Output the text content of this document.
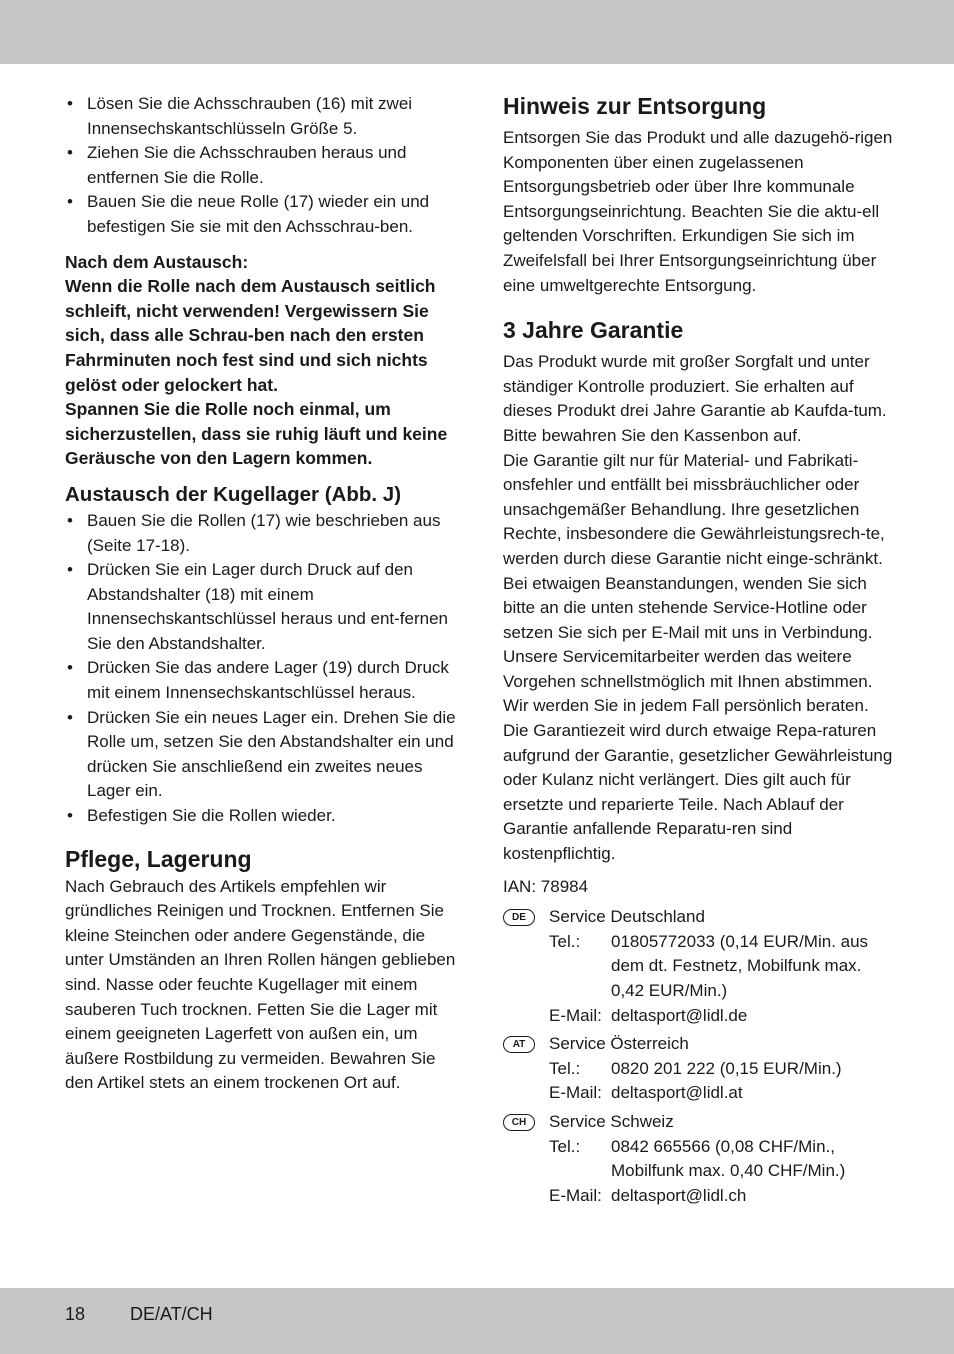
• Lösen Sie die Achsschrauben (16) mit zwei Innensechskantschlüsseln Größe 5.
• Ziehen Sie die Achsschrauben heraus und entfernen Sie die Rolle.
• Bauen Sie die neue Rolle (17) wieder ein und befestigen Sie sie mit den Achsschrau-ben.
Nach dem Austausch:
Wenn die Rolle nach dem Austausch seitlich schleift, nicht verwenden! Vergewissern Sie sich, dass alle Schrau-ben nach den ersten Fahrminuten noch fest sind und sich nichts gelöst oder gelockert hat.
Spannen Sie die Rolle noch einmal, um sicherzustellen, dass sie ruhig läuft und keine Geräusche von den Lagern kommen.
Austausch der Kugellager (Abb. J)
• Bauen Sie die Rollen (17) wie beschrieben aus (Seite 17-18).
• Drücken Sie ein Lager durch Druck auf den Abstandshalter (18) mit einem Innensechskantschlüssel heraus und ent-fernen Sie den Abstandshalter.
• Drücken Sie das andere Lager (19) durch Druck mit einem Innensechskantschlüssel heraus.
• Drücken Sie ein neues Lager ein. Drehen Sie die Rolle um, setzen Sie den Abstandshalter ein und drücken Sie anschließend ein zweites neues Lager ein.
• Befestigen Sie die Rollen wieder.
Pflege, Lagerung

Nach Gebrauch des Artikels empfehlen wir gründliches Reinigen und Trocknen. Entfernen Sie kleine Steinchen oder andere Gegenstände, die unter Umständen an Ihren Rollen hängen geblieben sind. Nasse oder feuchte Kugellager mit einem sauberen Tuch trocknen. Fetten Sie die Lager mit einem geeigneten Lagerfett von außen ein, um äußere Rostbildung zu vermeiden. Bewahren Sie den Artikel stets an einem trockenen Ort auf.

Hinweis zur Entsorgung

Entsorgen Sie das Produkt und alle dazugehö-rigen Komponenten über einen zugelassenen Entsorgungsbetrieb oder über Ihre kommunale Entsorgungseinrichtung. Beachten Sie die aktu-ell geltenden Vorschriften. Erkundigen Sie sich im Zweifelsfall bei Ihrer Entsorgungseinrichtung über eine umweltgerechte Entsorgung.

3 Jahre Garantie

Das Produkt wurde mit großer Sorgfalt und unter ständiger Kontrolle produziert. Sie erhalten auf dieses Produkt drei Jahre Garantie ab Kaufda-tum. Bitte bewahren Sie den Kassenbon auf.

Die Garantie gilt nur für Material- und Fabrikati-onsfehler und entfällt bei missbräuchlicher oder unsachgemäßer Behandlung. Ihre gesetzlichen Rechte, insbesondere die Gewährleistungsrech-te, werden durch diese Garantie nicht einge-schränkt.

Bei etwaigen Beanstandungen, wenden Sie sich bitte an die unten stehende Service-Hotline oder setzen Sie sich per E-Mail mit uns in Verbindung. Unsere Servicemitarbeiter werden das weitere Vorgehen schnellstmöglich mit Ihnen abstimmen. Wir werden Sie in jedem Fall persönlich beraten.

Die Garantiezeit wird durch etwaige Repa-raturen aufgrund der Garantie, gesetzlicher Gewährleistung oder Kulanz nicht verlängert. Dies gilt auch für ersetzte und reparierte Teile. Nach Ablauf der Garantie anfallende Reparatu-ren sind kostenpflichtig.

IAN: 78984

DE	Service Deutschland
Tel.:	01805772033 (0,14 EUR/Min. aus dem dt. Festnetz, Mobilfunk max. 0,42 EUR/Min.)
E-Mail: deltasport@lidl.de
AT	Service Österreich
Tel.:	0820 201 222 (0,15 EUR/Min.)
E-Mail: deltasport@lidl.at
CH	Service Schweiz
Tel.:	0842 665566 (0,08 CHF/Min., Mobilfunk max. 0,40 CHF/Min.)
E-Mail: deltasport@lidl.ch
18 DE/AT/CH
